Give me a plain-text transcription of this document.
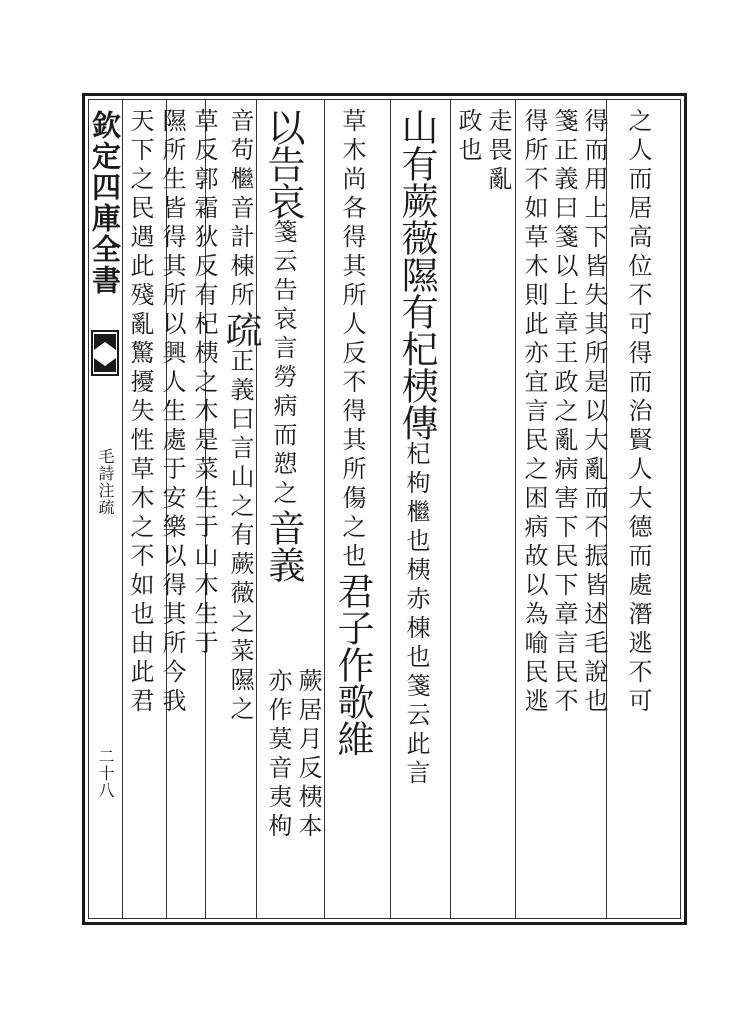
欽定四庫全書
毛詩注疏
二十八
之人而居高位不可得而治賢人大德而處潛逃不可
得而用上下皆失其所是以大亂而不振皆述毛說也
箋正義曰箋以上章王政之亂病害下民下章言民不
得所不如草木則此亦宜言民之困病故以為喻民逃
走畏亂
政也
山有蕨薇隰有杞桋傳杞枸檵也桋赤棟也箋云此言
草木尚各得其所人反不得其所傷之也君子作歌維
以告哀箋云告哀言勞病而愬之音義
音苟檵音計棟所疏正義曰言山之有蕨薇之菜隰之
草反郭霜狄反有杞桋之木是菜生于山木生于
隰所生皆得其所以興人生處于安樂以得其所今我
天下之民遇此殘亂驚擾失性草木之不如也由此君
蕨居月反桋本
亦作莫音夷枸
